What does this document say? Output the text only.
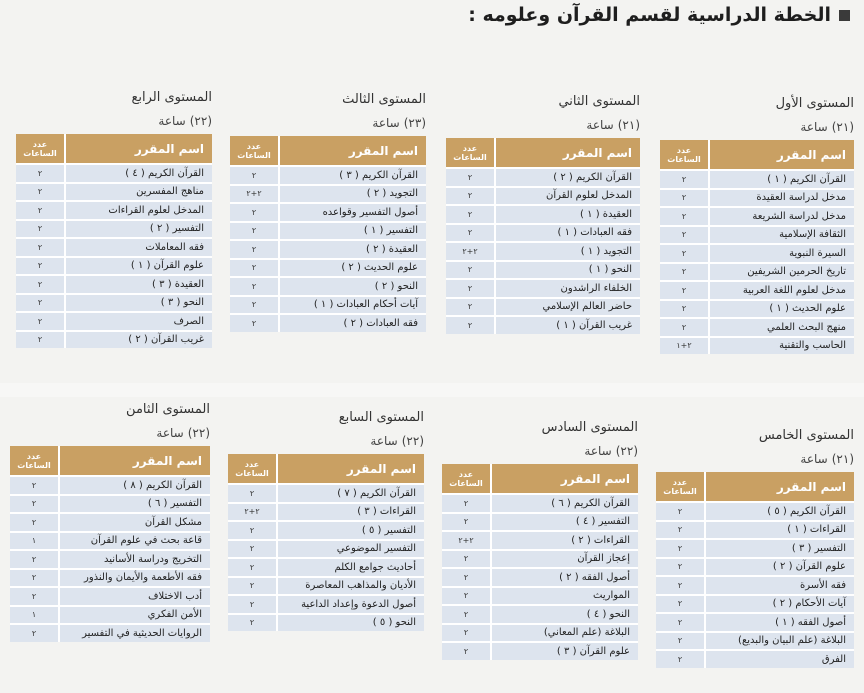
الخطة الدراسية لقسم القرآن وعلومه :
المستوى الأول
(٢١)ساعة
اسم المقرر	عدد الساعات
القرآن الكريم ( ١ )	٢
مدخل لدراسة العقيدة	٢
مدخل لدراسة الشريعة	٢
الثقافة الإسلامية	٢
السيرة النبوية	٢
تاريخ الحرمين الشريفين	٢
مدخل لعلوم اللغة العربية	٢
علوم الحديث ( ١ )	٢
منهج البحث العلمي	٢
الحاسب والتقنية	٢+١
المستوى الثاني
(٢١)ساعة
اسم المقرر	عدد الساعات
القرآن الكريم ( ٢ )	٢
المدخل لعلوم القرآن	٢
العقيدة ( ١ )	٢
فقه العبادات ( ١ )	٢
التجويد ( ١ )	٢+٢
النحو ( ١ )	٢
الخلفاء الراشدون	٢
حاضر العالم الإسلامي	٢
غريب القرآن ( ١ )	٢
المستوى الثالث
(٢٣)ساعة
اسم المقرر	عدد الساعات
القرآن الكريم ( ٣ )	٢
التجويد ( ٢ )	٢+٢
أصول التفسير وقواعده	٢
التفسير ( ١ )	٢
العقيدة ( ٢ )	٢
علوم الحديث ( ٢ )	٢
النحو ( ٢ )	٢
آيات أحكام العبادات ( ١ )	٢
فقه العبادات ( ٢ )	٢
المستوى الرابع
(٢٢)ساعة
اسم المقرر	عدد الساعات
القرآن الكريم ( ٤ )	٢
مناهج المفسرين	٢
المدخل لعلوم القراءات	٢
التفسير ( ٢ )	٢
فقه المعاملات	٢
علوم القرآن ( ١ )	٢
العقيدة ( ٣ )	٢
النحو ( ٣ )	٢
الصرف	٢
غريب القرآن ( ٢ )	٢
المستوى الخامس
(٢١)ساعة
اسم المقرر	عدد الساعات
القرآن الكريم ( ٥ )	٢
القراءات ( ١ )	٢
التفسير ( ٣ )	٢
علوم القرآن ( ٢ )	٢
فقه الأسرة	٢
آيات الأحكام ( ٢ )	٢
أصول الفقه ( ١ )	٢
البلاغة (علم البيان والبديع)	٢
الفرق	٢
المستوى السادس
(٢٢)ساعة
اسم المقرر	عدد الساعات
القرآن الكريم ( ٦ )	٢
التفسير ( ٤ )	٢
القراءات ( ٢ )	٢+٢
إعجاز القرآن	٢
أصول الفقه ( ٢ )	٢
المواريث	٢
النحو ( ٤ )	٢
البلاغة (علم المعاني)	٢
علوم القرآن ( ٣ )	٢
المستوى السابع
(٢٢)ساعة
اسم المقرر	عدد الساعات
القرآن الكريم ( ٧ )	٢
القراءات ( ٣ )	٢+٢
التفسير ( ٥ )	٢
التفسير الموضوعي	٢
أحاديث جوامع الكلم	٢
الأديان والمذاهب المعاصرة	٢
أصول الدعوة وإعداد الداعية	٢
النحو ( ٥ )	٢
المستوى الثامن
(٢٢)ساعة
اسم المقرر	عدد الساعات
القرآن الكريم ( ٨ )	٢
التفسير ( ٦ )	٢
مشكل القرآن	٢
قاعة بحث في علوم القرآن	١
التخريج ودراسة الأسانيد	٢
فقه الأطعمة والأيمان والنذور	٢
أدب الاختلاف	٢
الأمن الفكري	١
الروايات الحديثية في التفسير	٢
